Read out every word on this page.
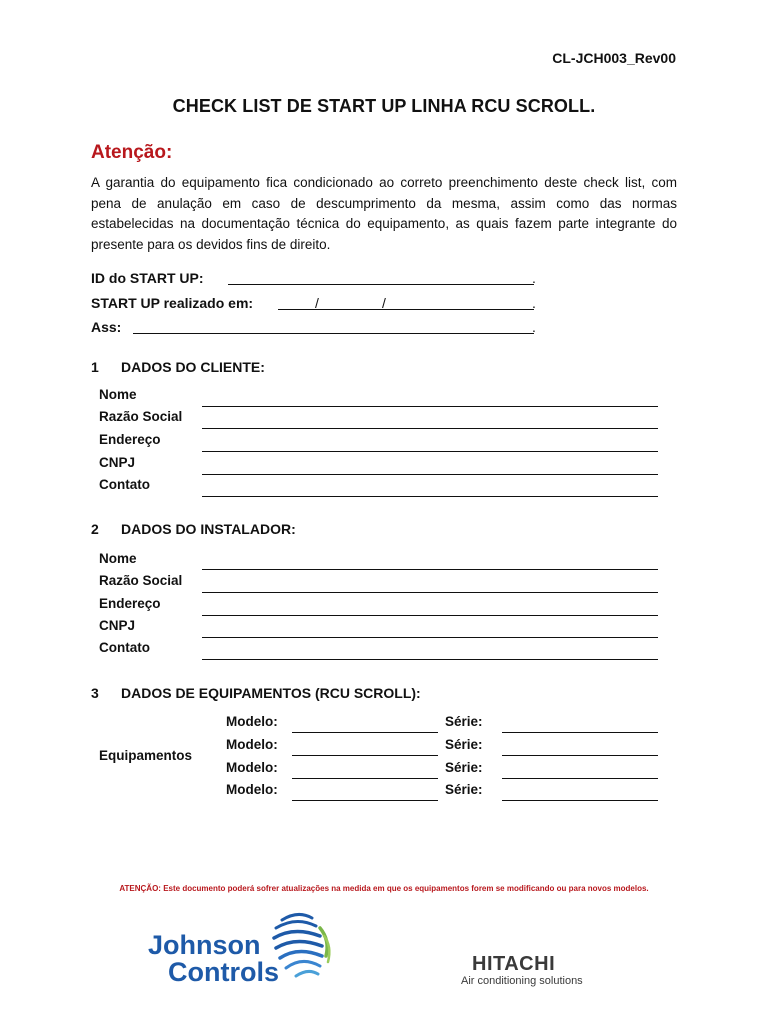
CL-JCH003_Rev00
CHECK LIST DE START UP LINHA RCU SCROLL.
Atenção:
A garantia do equipamento fica condicionado ao correto preenchimento deste check list, com pena de anulação em caso de descumprimento da mesma, assim como das normas estabelecidas na documentação técnica do equipamento, as quais fazem parte integrante do presente para os devidos fins de direito.
ID do START UP:	.
START UP realizado em:	/	/	.
Ass:	.
1 DADOS DO CLIENTE:
Nome
Razão Social
Endereço
CNPJ
Contato
2 DADOS DO INSTALADOR:
Nome
Razão Social
Endereço
CNPJ
Contato
3 DADOS DE EQUIPAMENTOS (RCU SCROLL):
Equipamentos
Modelo:	Série:
Modelo:	Série:
Modelo:	Série:
Modelo:	Série:
ATENÇÃO: Este documento poderá sofrer atualizações na medida em que os equipamentos forem se modificando ou para novos modelos.
Johnson
Controls	HITACHI
Air conditioning solutions
